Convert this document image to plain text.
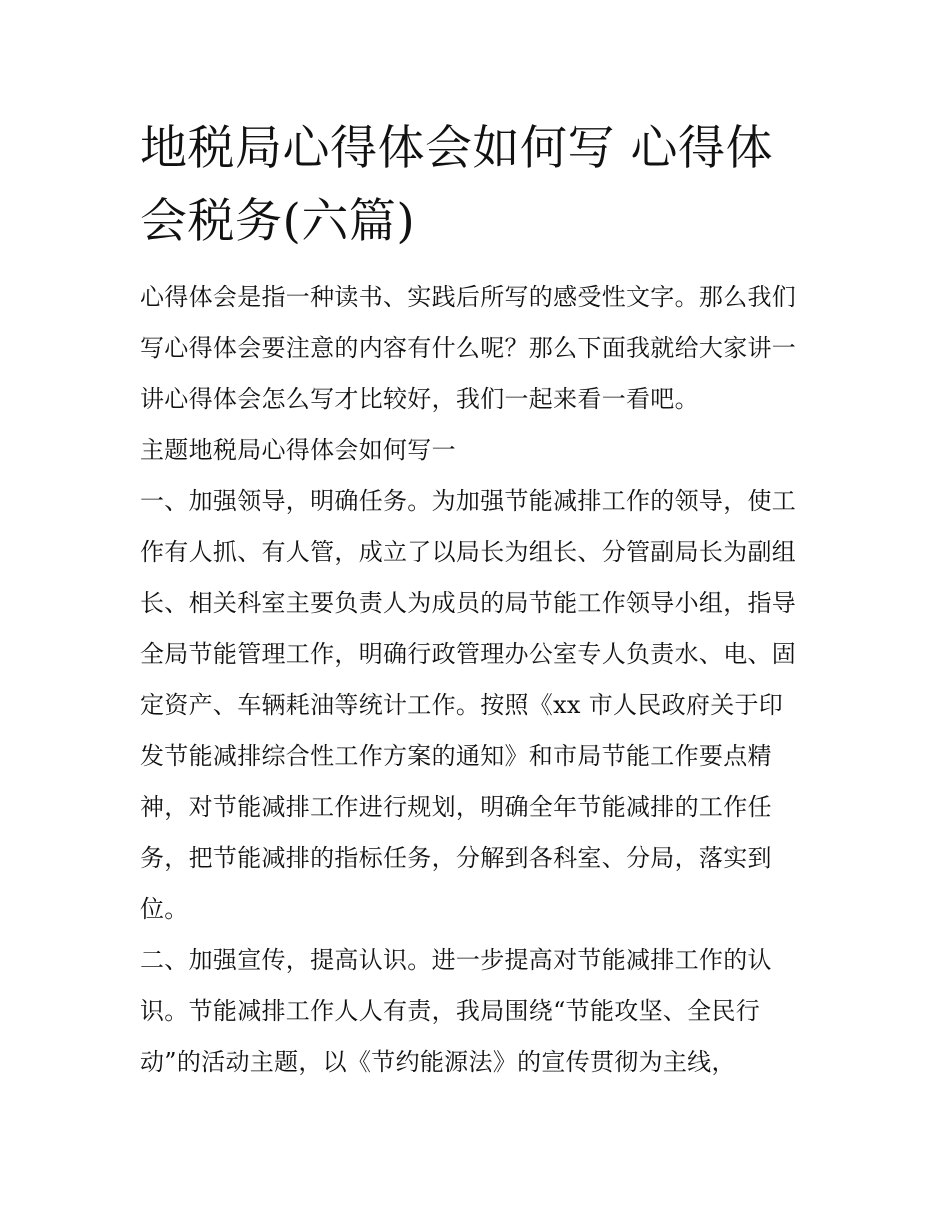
地税局心得体会如何写 心得体
会税务(六篇)

心得体会是指一种读书、实践后所写的感受性文字。那么我们
写心得体会要注意的内容有什么呢？那么下面我就给大家讲一
讲心得体会怎么写才比较好，我们一起来看一看吧。

主题地税局心得体会如何写一

一、加强领导，明确任务。为加强节能减排工作的领导，使工
作有人抓、有人管，成立了以局长为组长、分管副局长为副组
长、相关科室主要负责人为成员的局节能工作领导小组，指导
全局节能管理工作，明确行政管理办公室专人负责水、电、固
定资产、车辆耗油等统计工作。按照《xx 市人民政府关于印
发节能减排综合性工作方案的通知》和市局节能工作要点精
神，对节能减排工作进行规划，明确全年节能减排的工作任
务，把节能减排的指标任务，分解到各科室、分局，落实到
位。

二、加强宣传，提高认识。进一步提高对节能减排工作的认
识。节能减排工作人人有责，我局围绕“节能攻坚、全民行
动”的活动主题，以《节约能源法》的宣传贯彻为主线，
